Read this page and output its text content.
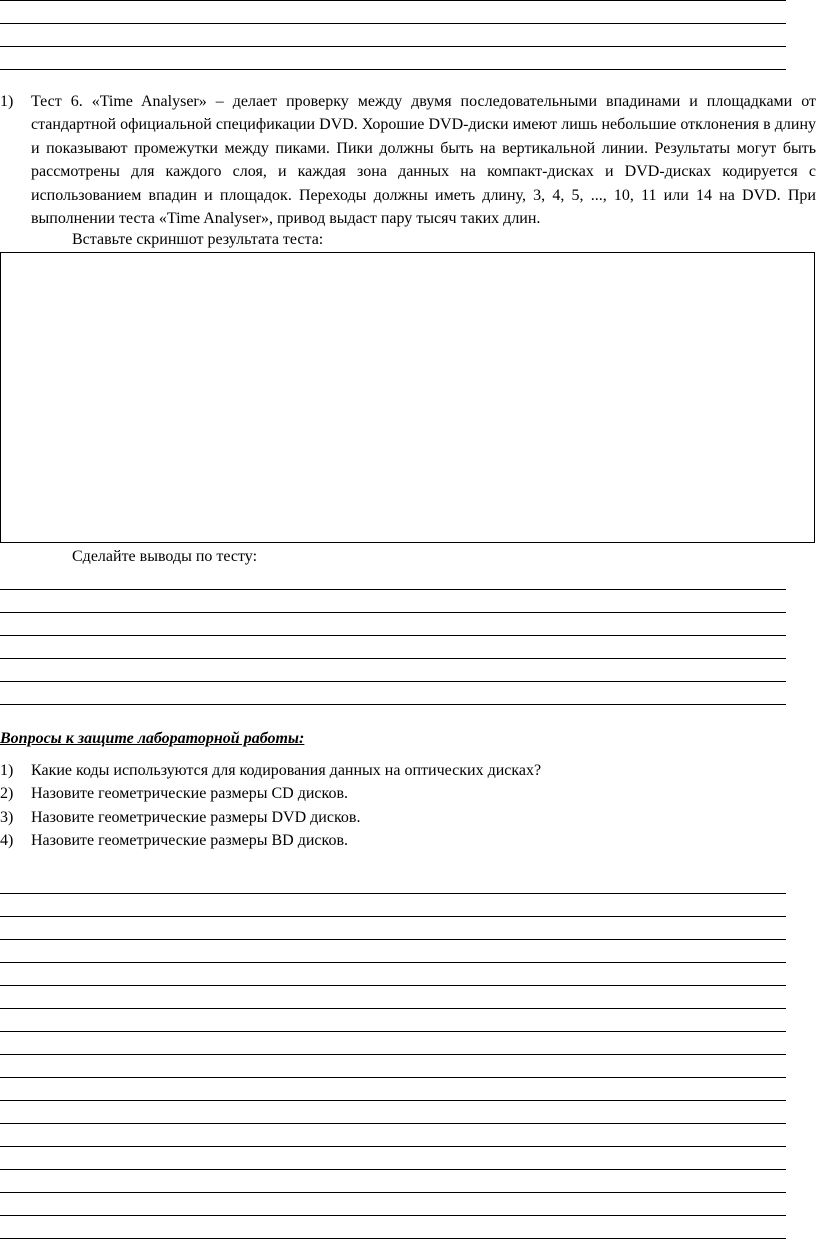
1) Тест 6. «Time Analyser» – делает проверку между двумя последовательными впадинами и площадками от стандартной официальной спецификации DVD. Хорошие DVD-диски имеют лишь небольшие отклонения в длину и показывают промежутки между пиками. Пики должны быть на вертикальной линии. Результаты могут быть рассмотрены для каждого слоя, и каждая зона данных на компакт-дисках и DVD-дисках кодируется с использованием впадин и площадок. Переходы должны иметь длину, 3, 4, 5, ..., 10, 11 или 14 на DVD. При выполнении теста «Time Analyser», привод выдаст пару тысяч таких длин.
Вставьте скриншот результата теста:
Сделайте выводы по тесту:
Вопросы к защите лабораторной работы:
1) Какие коды используются для кодирования данных на оптических дисках?
2) Назовите геометрические размеры CD дисков.
3) Назовите геометрические размеры DVD дисков.
4) Назовите геометрические размеры BD дисков.
